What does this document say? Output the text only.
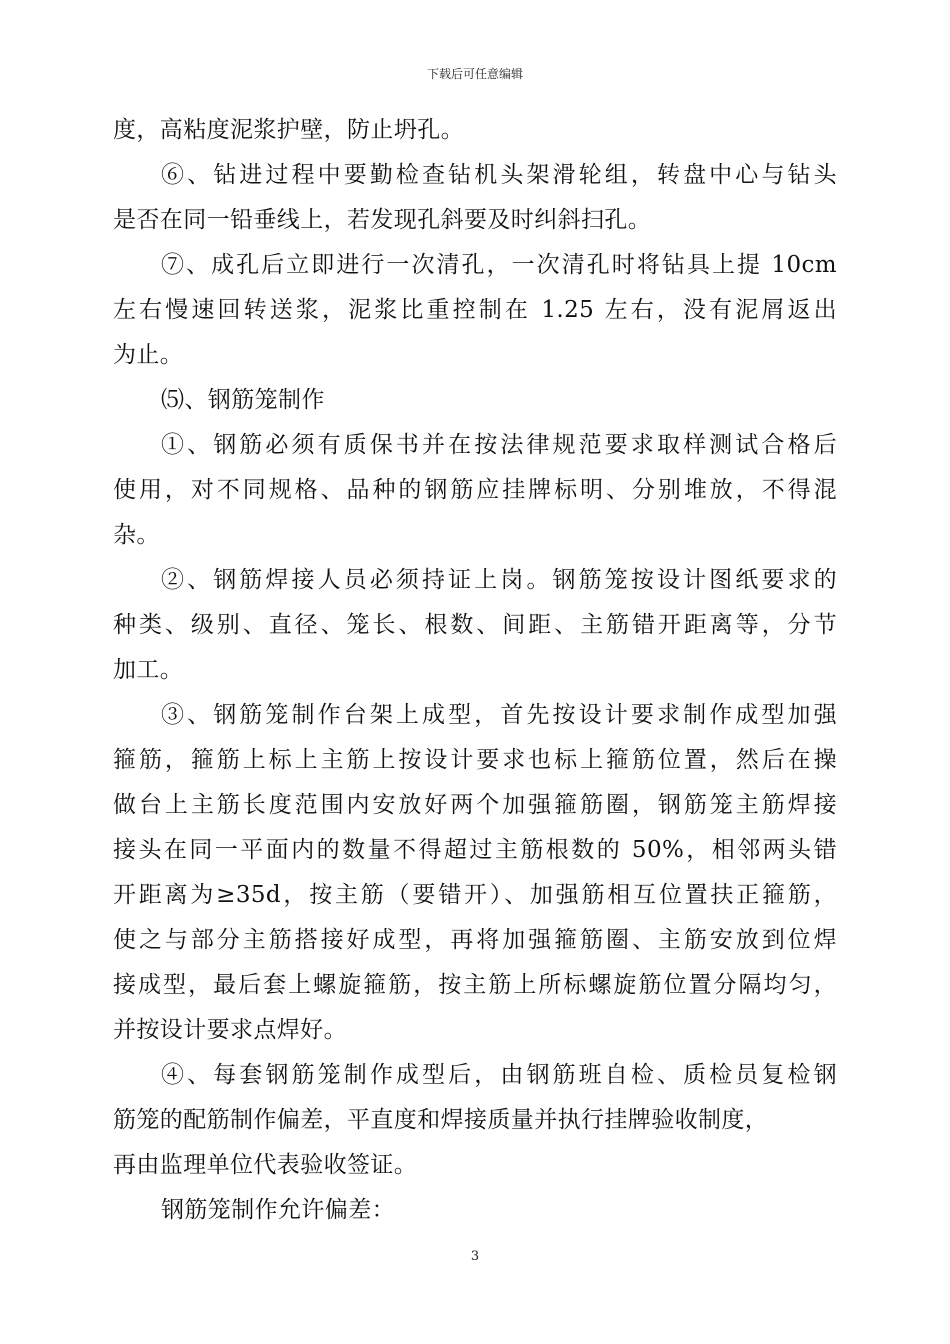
下载后可任意编辑
度，高粘度泥浆护壁，防止坍孔。
⑥、钻进过程中要勤检查钻机头架滑轮组，转盘中心与钻头
是否在同一铅垂线上，若发现孔斜要及时纠斜扫孔。
⑦、成孔后立即进行一次清孔，一次清孔时将钻具上提 10cm
左右慢速回转送浆，泥浆比重控制在 1.25 左右，没有泥屑返出
为止。
⑸、钢筋笼制作
①、钢筋必须有质保书并在按法律规范要求取样测试合格后
使用，对不同规格、品种的钢筋应挂牌标明、分别堆放，不得混
杂。
②、钢筋焊接人员必须持证上岗。钢筋笼按设计图纸要求的
种类、级别、直径、笼长、根数、间距、主筋错开距离等，分节
加工。
③、钢筋笼制作台架上成型，首先按设计要求制作成型加强
箍筋，箍筋上标上主筋上按设计要求也标上箍筋位置，然后在操
做台上主筋长度范围内安放好两个加强箍筋圈，钢筋笼主筋焊接
接头在同一平面内的数量不得超过主筋根数的 50%，相邻两头错
开距离为≥35d，按主筋（要错开）、加强筋相互位置扶正箍筋，
使之与部分主筋搭接好成型，再将加强箍筋圈、主筋安放到位焊
接成型，最后套上螺旋箍筋，按主筋上所标螺旋筋位置分隔均匀，
并按设计要求点焊好。
④、每套钢筋笼制作成型后，由钢筋班自检、质检员复检钢
筋笼的配筋制作偏差，平直度和焊接质量并执行挂牌验收制度，
再由监理单位代表验收签证。
钢筋笼制作允许偏差：
3
